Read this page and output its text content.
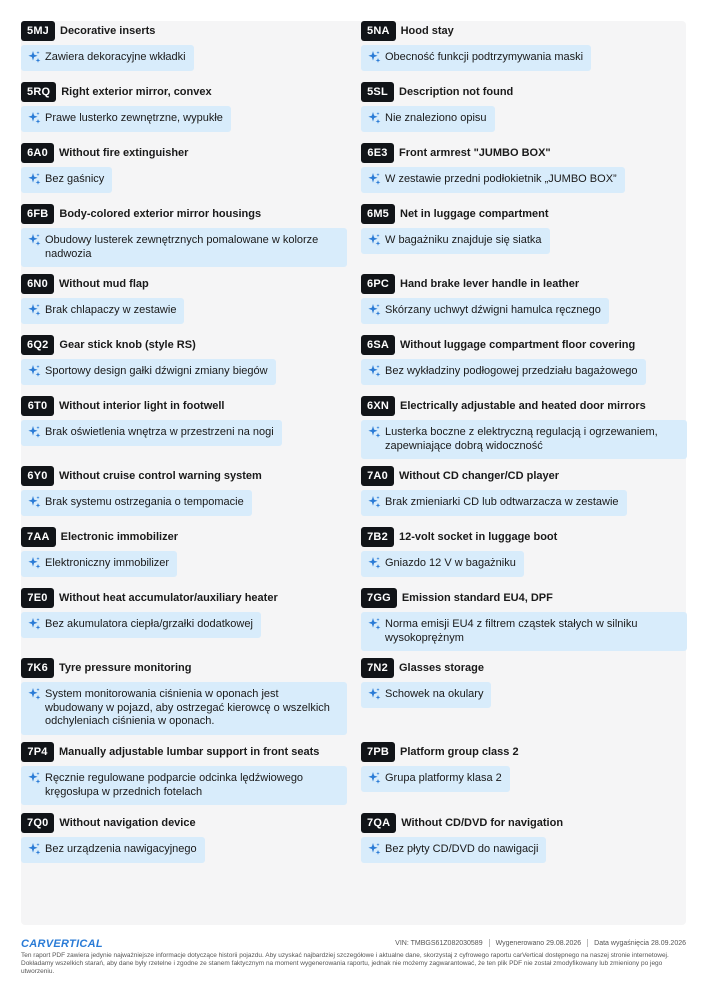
5MJ	Decorative inserts
Zawiera dekoracyjne wkładki
5RQ	Right exterior mirror, convex
Prawe lusterko zewnętrzne, wypukłe
6A0	Without fire extinguisher
Bez gaśnicy
6FB	Body-colored exterior mirror housings
Obudowy lusterek zewnętrznych pomalowane w kolorze nadwozia
6N0	Without mud flap
Brak chlapaczy w zestawie
6Q2	Gear stick knob (style RS)
Sportowy design gałki dźwigni zmiany biegów
6T0	Without interior light in footwell
Brak oświetlenia wnętrza w przestrzeni na nogi
6Y0	Without cruise control warning system
Brak systemu ostrzegania o tempomacie
7AA	Electronic immobilizer
Elektroniczny immobilizer
7E0	Without heat accumulator/auxiliary heater
Bez akumulatora ciepła/grzałki dodatkowej
7K6	Tyre pressure monitoring
System monitorowania ciśnienia w oponach jest wbudowany w pojazd, aby ostrzegać kierowcę o wszelkich odchyleniach ciśnienia w oponach.
7P4	Manually adjustable lumbar support in front seats
Ręcznie regulowane podparcie odcinka lędźwiowego kręgosłupa w przednich fotelach
7Q0	Without navigation device
Bez urządzenia nawigacyjnego
5NA	Hood stay
Obecność funkcji podtrzymywania maski
5SL	Description not found
Nie znaleziono opisu
6E3	Front armrest "JUMBO BOX"
W zestawie przedni podłokietnik „JUMBO BOX”
6M5	Net in luggage compartment
W bagażniku znajduje się siatka
6PC	Hand brake lever handle in leather
Skórzany uchwyt dźwigni hamulca ręcznego
6SA	Without luggage compartment floor covering
Bez wykładziny podłogowej przedziału bagażowego
6XN	Electrically adjustable and heated door mirrors
Lusterka boczne z elektryczną regulacją i ogrzewaniem, zapewniające dobrą widoczność
7A0	Without CD changer/CD player
Brak zmieniarki CD lub odtwarzacza w zestawie
7B2	12-volt socket in luggage boot
Gniazdo 12 V w bagażniku
7GG	Emission standard EU4, DPF
Norma emisji EU4 z filtrem cząstek stałych w silniku wysokoprężnym
7N2	Glasses storage
Schowek na okulary
7PB	Platform group class 2
Grupa platformy klasa 2
7QA	Without CD/DVD for navigation
Bez płyty CD/DVD do nawigacji
CARVERTICAL	VIN: TMBGS61Z082030589 Wygenerowano 29.08.2026 Data wygaśnięcia 28.09.2026
Ten raport PDF zawiera jedynie najważniejsze informacje dotyczące historii pojazdu. Aby uzyskać najbardziej szczegółowe i aktualne dane, skorzystaj z cyfrowego raportu carVertical dostępnego na naszej stronie internetowej. Dokładamy wszelkich starań, aby dane były rzetelne i zgodne ze stanem faktycznym na moment wygenerowania raportu, jednak nie możemy zagwarantować, że ten plik PDF nie został zmodyfikowany lub zmieniony po jego utworzeniu.
